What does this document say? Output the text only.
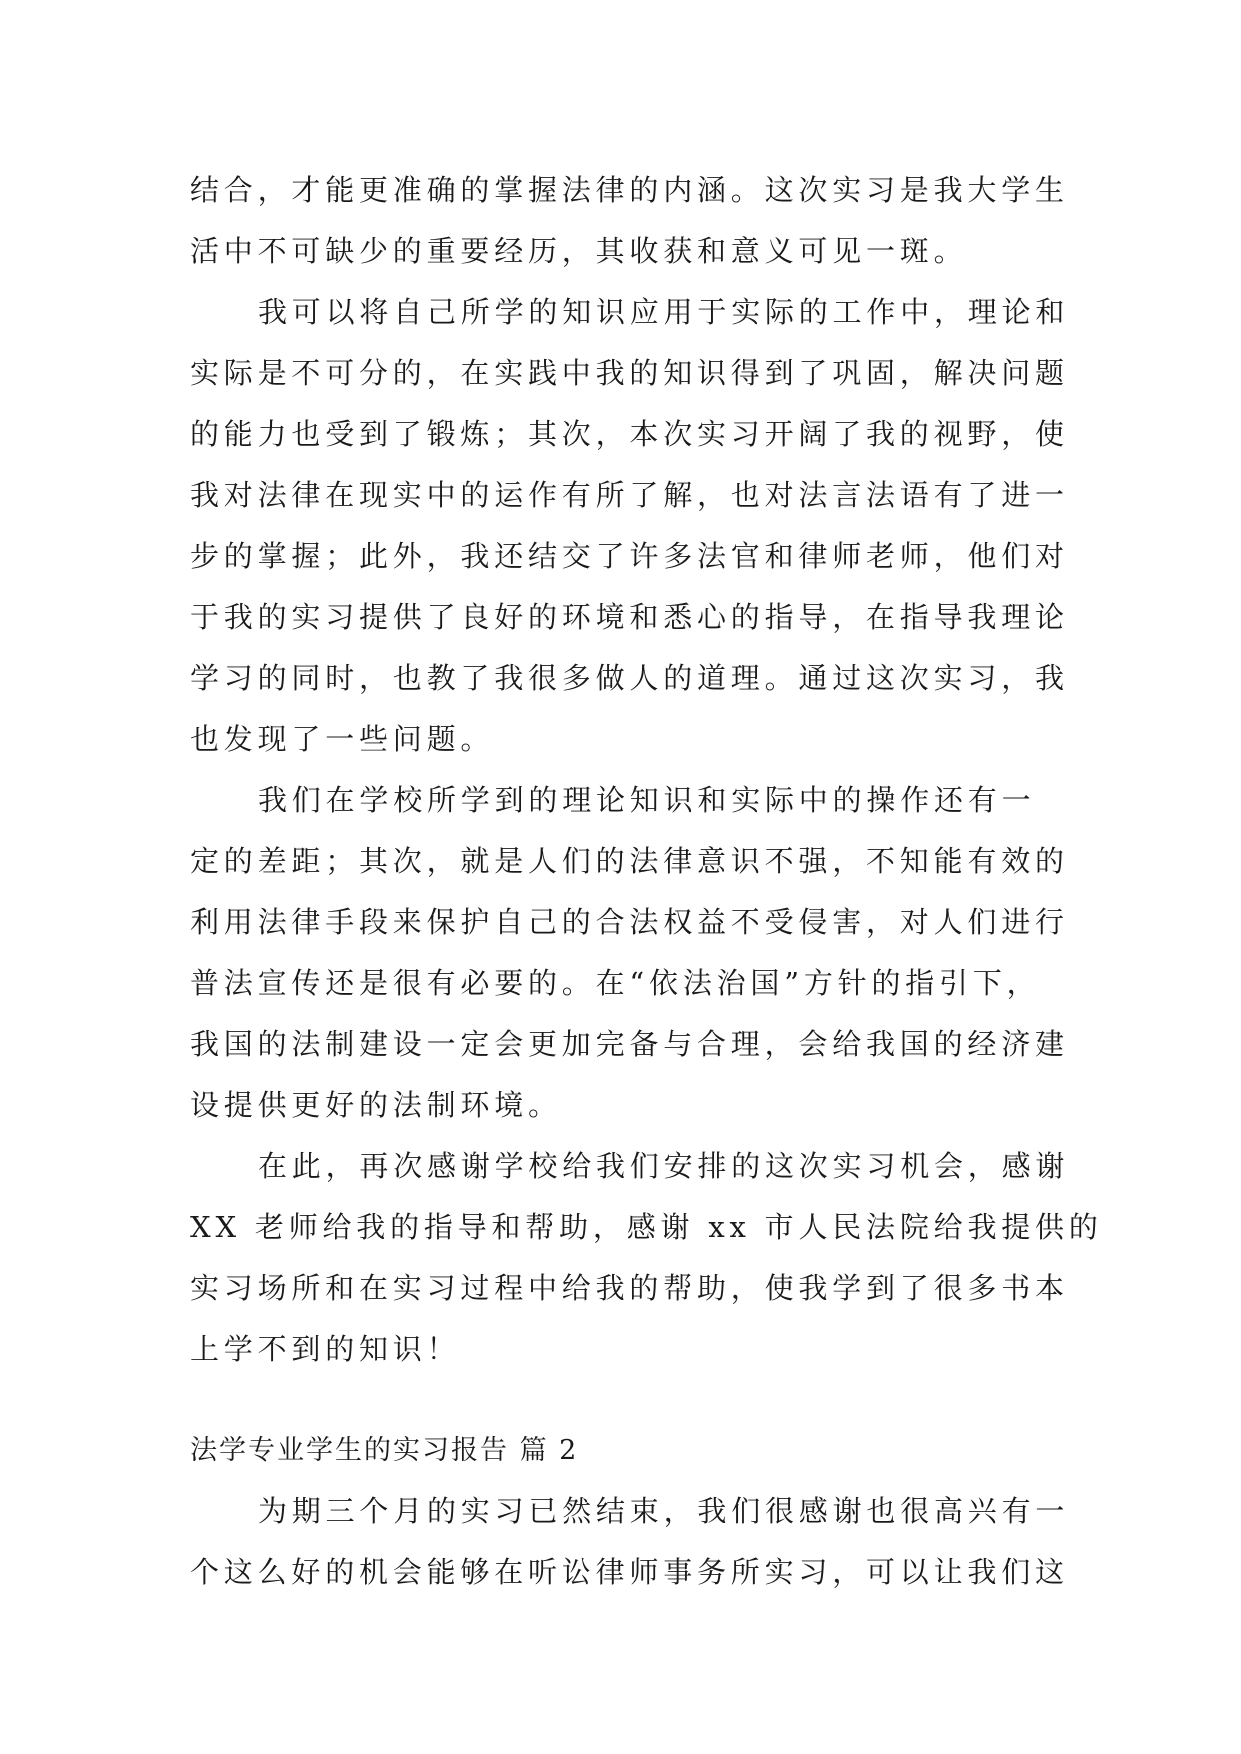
结合，才能更准确的掌握法律的内涵。这次实习是我大学生
活中不可缺少的重要经历，其收获和意义可见一斑。
我可以将自己所学的知识应用于实际的工作中，理论和
实际是不可分的，在实践中我的知识得到了巩固，解决问题
的能力也受到了锻炼；其次，本次实习开阔了我的视野，使
我对法律在现实中的运作有所了解，也对法言法语有了进一
步的掌握；此外，我还结交了许多法官和律师老师，他们对
于我的实习提供了良好的环境和悉心的指导，在指导我理论
学习的同时，也教了我很多做人的道理。通过这次实习，我
也发现了一些问题。
我们在学校所学到的理论知识和实际中的操作还有一
定的差距；其次，就是人们的法律意识不强，不知能有效的
利用法律手段来保护自己的合法权益不受侵害，对人们进行
普法宣传还是很有必要的。在“依法治国”方针的指引下，
我国的法制建设一定会更加完备与合理，会给我国的经济建
设提供更好的法制环境。
在此，再次感谢学校给我们安排的这次实习机会，感谢
XX 老师给我的指导和帮助，感谢 xx 市人民法院给我提供的
实习场所和在实习过程中给我的帮助，使我学到了很多书本
上学不到的知识！
法学专业学生的实习报告 篇 2
为期三个月的实习已然结束，我们很感谢也很高兴有一
个这么好的机会能够在听讼律师事务所实习，可以让我们这
